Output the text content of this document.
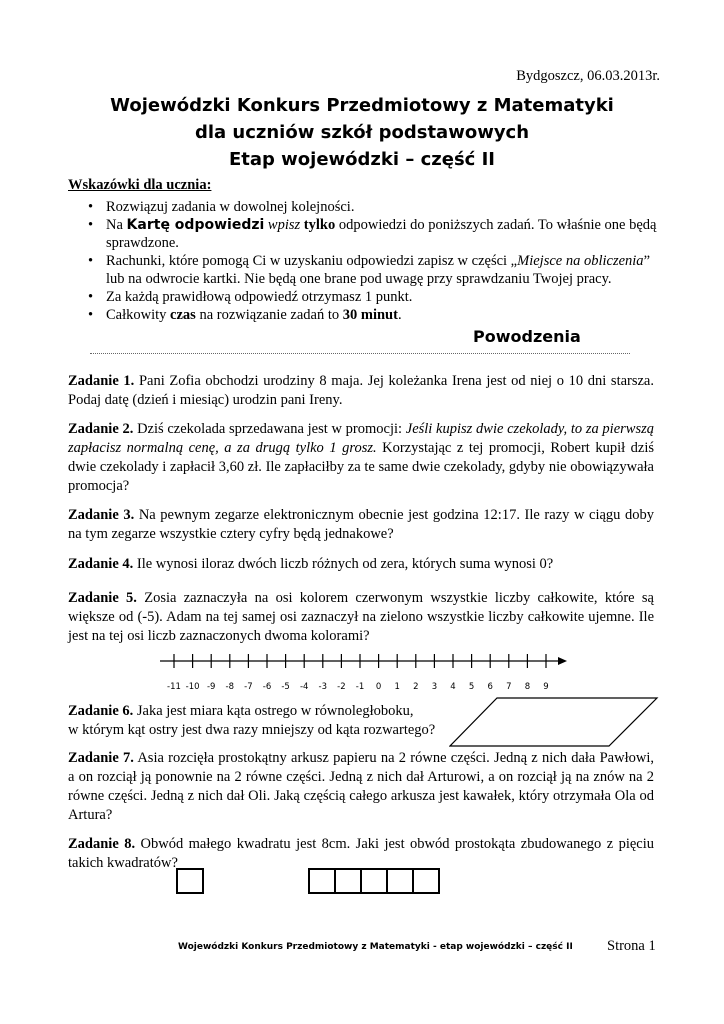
Bydgoszcz, 06.03.2013r.
Wojewódzki Konkurs Przedmiotowy z Matematyki
dla uczniów szkół podstawowych
Etap wojewódzki – część II
Wskazówki dla ucznia:
• Rozwiązuj zadania w dowolnej kolejności.
• Na Kartę odpowiedzi wpisz tylko odpowiedzi do poniższych zadań. To właśnie one będą sprawdzone.
• Rachunki, które pomogą Ci w uzyskaniu odpowiedzi zapisz w części „Miejsce na obliczenia” lub na odwrocie kartki. Nie będą one brane pod uwagę przy sprawdzaniu Twojej pracy.
• Za każdą prawidłową odpowiedź otrzymasz 1 punkt.
• Całkowity czas na rozwiązanie zadań to 30 minut.
Powodzenia
Zadanie 1. Pani Zofia obchodzi urodziny 8 maja. Jej koleżanka Irena jest od niej o 10 dni starsza. Podaj datę (dzień i miesiąc) urodzin pani Ireny.
Zadanie 2. Dziś czekolada sprzedawana jest w promocji: Jeśli kupisz dwie czekolady, to za pierwszą zapłacisz normalną cenę, a za drugą tylko 1 grosz. Korzystając z tej promocji, Robert kupił dziś dwie czekolady i zapłacił 3,60 zł. Ile zapłaciłby za te same dwie czekolady, gdyby nie obowiązywała promocja?
Zadanie 3. Na pewnym zegarze elektronicznym obecnie jest godzina 12:17. Ile razy w ciągu doby na tym zegarze wszystkie cztery cyfry będą jednakowe?
Zadanie 4. Ile wynosi iloraz dwóch liczb różnych od zera, których suma wynosi 0?
Zadanie 5. Zosia zaznaczyła na osi kolorem czerwonym wszystkie liczby całkowite, które są większe od (-5). Adam na tej samej osi zaznaczył na zielono wszystkie liczby całkowite ujemne. Ile jest na tej osi liczb zaznaczonych dwoma kolorami?
-11 -10 -9 -8 -7 -6 -5 -4 -3 -2 -1 0 1 2 3 4 5 6 7 8 9
Zadanie 6. Jaka jest miara kąta ostrego w równoległoboku,
w którym kąt ostry jest dwa razy mniejszy od kąta rozwartego?
Zadanie 7. Asia rozcięła prostokątny arkusz papieru na 2 równe części. Jedną z nich dała Pawłowi, a on rozciął ją ponownie na 2 równe części. Jedną z nich dał Arturowi, a on rozciął ją na znów na 2 równe części. Jedną z nich dał Oli. Jaką częścią całego arkusza jest kawałek, który otrzymała Ola od Artura?
Zadanie 8. Obwód małego kwadratu jest 8cm. Jaki jest obwód prostokąta zbudowanego z pięciu takich kwadratów?
Wojewódzki Konkurs Przedmiotowy z Matematyki - etap wojewódzki – część II Strona 1
